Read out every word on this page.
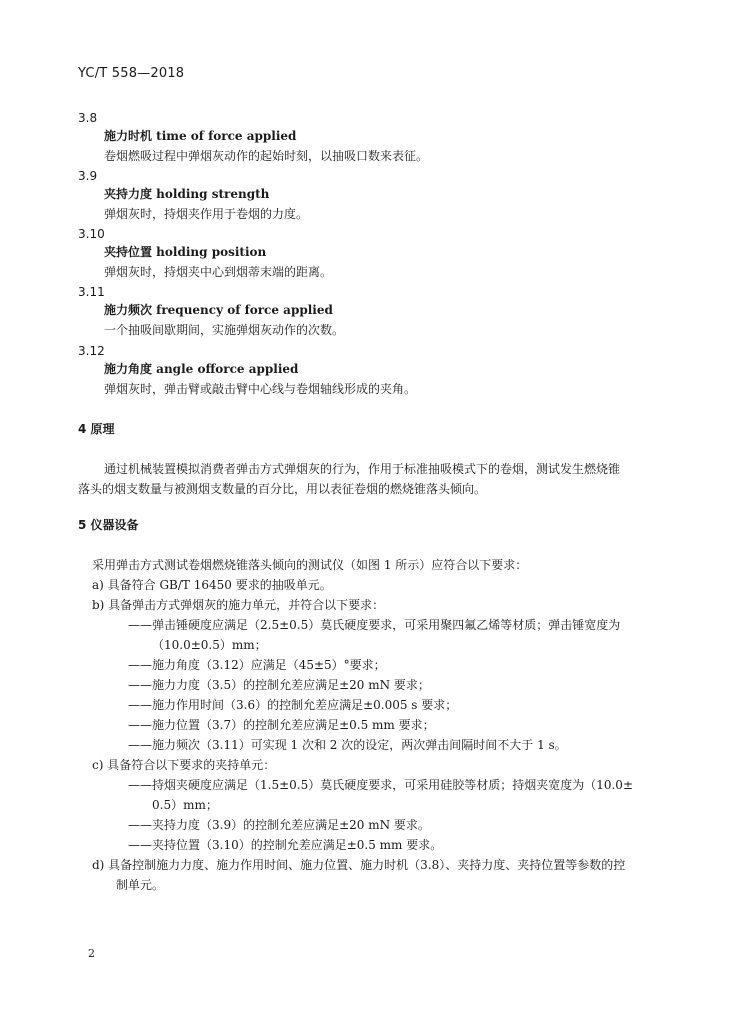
YC/T 558—2018
3.8
施力时机 time of force applied
卷烟燃吸过程中弹烟灰动作的起始时刻，以抽吸口数来表征。
3.9
夹持力度 holding strength
弹烟灰时，持烟夹作用于卷烟的力度。
3.10
夹持位置 holding position
弹烟灰时，持烟夹中心到烟蒂末端的距离。
3.11
施力频次 frequency of force applied
一个抽吸间歇期间，实施弹烟灰动作的次数。
3.12
施力角度 angle offorce applied
弹烟灰时，弹击臂或敲击臂中心线与卷烟轴线形成的夹角。
4 原理
通过机械装置模拟消费者弹击方式弹烟灰的行为，作用于标准抽吸模式下的卷烟，测试发生燃烧锥
落头的烟支数量与被测烟支数量的百分比，用以表征卷烟的燃烧锥落头倾向。
5 仪器设备
采用弹击方式测试卷烟燃烧锥落头倾向的测试仪（如图 1 所示）应符合以下要求：
a) 具备符合 GB/T 16450 要求的抽吸单元。
b) 具备弹击方式弹烟灰的施力单元，并符合以下要求：
——弹击锤硬度应满足（2.5±0.5）莫氏硬度要求，可采用聚四氟乙烯等材质；弹击锤宽度为
（10.0±0.5）mm；
——施力角度（3.12）应满足（45±5）°要求；
——施力力度（3.5）的控制允差应满足±20 mN 要求；
——施力作用时间（3.6）的控制允差应满足±0.005 s 要求；
——施力位置（3.7）的控制允差应满足±0.5 mm 要求；
——施力频次（3.11）可实现 1 次和 2 次的设定，两次弹击间隔时间不大于 1 s。
c) 具备符合以下要求的夹持单元：
——持烟夹硬度应满足（1.5±0.5）莫氏硬度要求，可采用硅胶等材质；持烟夹宽度为（10.0±
0.5）mm；
——夹持力度（3.9）的控制允差应满足±20 mN 要求。
——夹持位置（3.10）的控制允差应满足±0.5 mm 要求。
d) 具备控制施力力度、施力作用时间、施力位置、施力时机（3.8）、夹持力度、夹持位置等参数的控
制单元。
2
